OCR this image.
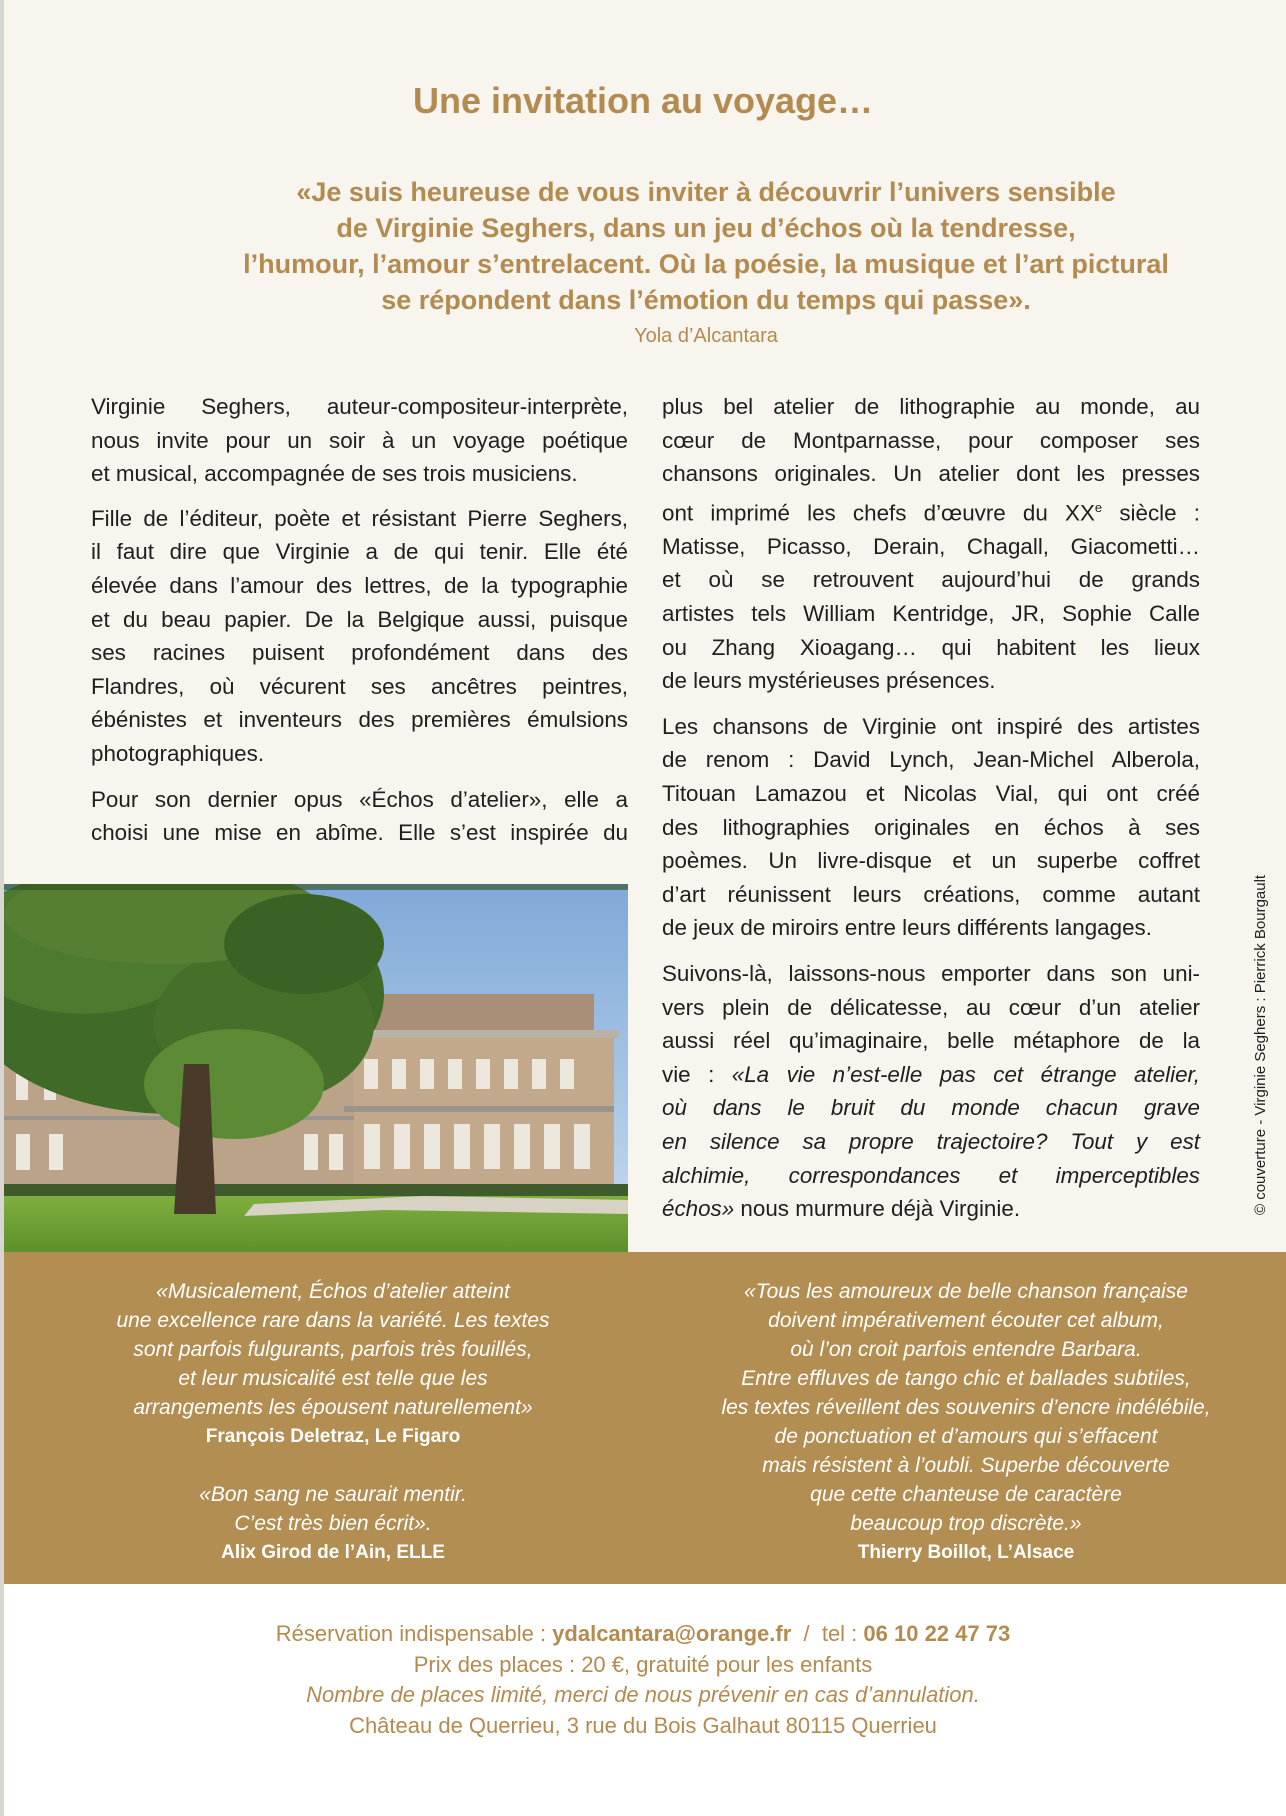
Une invitation au voyage…
«Je suis heureuse de vous inviter à découvrir l’univers sensible
de Virginie Seghers, dans un jeu d’échos où la tendresse,
l’humour, l’amour s’entrelacent. Où la poésie, la musique et l’art pictural
se répondent dans l’émotion du temps qui passe».
Yola d’Alcantara

Virginie Seghers, auteur-compositeur-interprète,
nous invite pour un soir à un voyage poétique
et musical, accompagnée de ses trois musiciens.

Fille de l’éditeur, poète et résistant Pierre Seghers,
il faut dire que Virginie a de qui tenir. Elle été
élevée dans l’amour des lettres, de la typographie
et du beau papier. De la Belgique aussi, puisque
ses racines puisent profondément dans des
Flandres, où vécurent ses ancêtres peintres,
ébénistes et inventeurs des premières émulsions
photographiques.

Pour son dernier opus «Échos d’atelier», elle a
choisi une mise en abîme. Elle s’est inspirée du

plus bel atelier de lithographie au monde, au
cœur de Montparnasse, pour composer ses
chansons originales. Un atelier dont les presses
ont imprimé les chefs d’œuvre du XXe siècle :
Matisse, Picasso, Derain, Chagall, Giacometti…
et où se retrouvent aujourd’hui de grands
artistes tels William Kentridge, JR, Sophie Calle
ou Zhang Xioagang… qui habitent les lieux
de leurs mystérieuses présences.

Les chansons de Virginie ont inspiré des artistes
de renom : David Lynch, Jean-Michel Alberola,
Titouan Lamazou et Nicolas Vial, qui ont créé
des lithographies originales en échos à ses
poèmes. Un livre-disque et un superbe coffret
d’art réunissent leurs créations, comme autant
de jeux de miroirs entre leurs différents langages.

Suivons-là, laissons-nous emporter dans son uni-
vers plein de délicatesse, au cœur d’un atelier
aussi réel qu’imaginaire, belle métaphore de la
vie : «La vie n’est-elle pas cet étrange atelier,
où dans le bruit du monde chacun grave
en silence sa propre trajectoire? Tout y est
alchimie, correspondances et imperceptibles
échos» nous murmure déjà Virginie.	© couverture - Virginie Seghers : Pierrick Bourgault
«Musicalement, Échos d’atelier atteint
une excellence rare dans la variété. Les textes
sont parfois fulgurants, parfois très fouillés,
et leur musicalité est telle que les
arrangements les épousent naturellement»
François Deletraz, Le Figaro
«Bon sang ne saurait mentir.
C’est très bien écrit».
Alix Girod de l’Ain, ELLE
«Tous les amoureux de belle chanson française
doivent impérativement écouter cet album,
où l’on croit parfois entendre Barbara.
Entre effluves de tango chic et ballades subtiles,
les textes réveillent des souvenirs d’encre indélébile,
de ponctuation et d’amours qui s’effacent
mais résistent à l’oubli. Superbe découverte
que cette chanteuse de caractère
beaucoup trop discrète.»
Thierry Boillot, L’Alsace
Réservation indispensable : ydalcantara@orange.fr  /  tel : 06 10 22 47 73
Prix des places : 20 €, gratuité pour les enfants
Nombre de places limité, merci de nous prévenir en cas d’annulation.
Château de Querrieu, 3 rue du Bois Galhaut 80115 Querrieu
